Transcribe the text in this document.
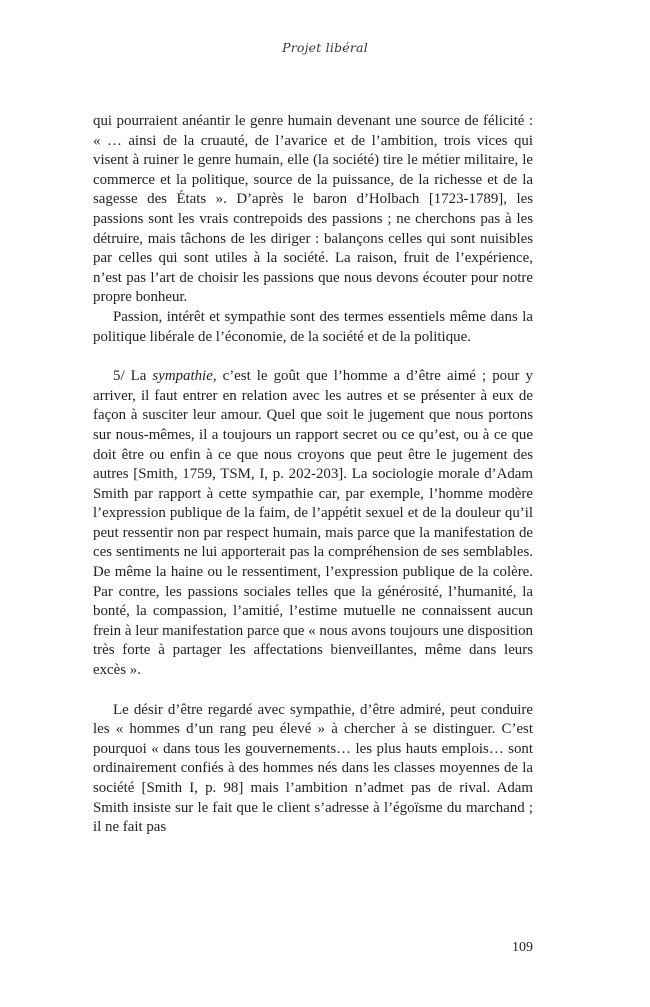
Projet libéral

qui pourraient anéantir le genre humain devenant une source de félicité : « … ainsi de la cruauté, de l’avarice et de l’ambition, trois vices qui visent à ruiner le genre humain, elle (la société) tire le métier militaire, le commerce et la politique, source de la puissance, de la richesse et de la sagesse des États ». D’après le baron d’Holbach [1723-1789], les passions sont les vrais contrepoids des passions ; ne cherchons pas à les détruire, mais tâchons de les diriger : balançons celles qui sont nuisibles par celles qui sont utiles à la société. La raison, fruit de l’expérience, n’est pas l’art de choisir les passions que nous devons écouter pour notre propre bonheur.

Passion, intérêt et sympathie sont des termes essentiels même dans la politique libérale de l’économie, de la société et de la politique.

5/ La sympathie, c’est le goût que l’homme a d’être aimé ; pour y arriver, il faut entrer en relation avec les autres et se présenter à eux de façon à susciter leur amour. Quel que soit le jugement que nous portons sur nous-mêmes, il a toujours un rapport secret ou ce qu’est, ou à ce que doit être ou enfin à ce que nous croyons que peut être le jugement des autres [Smith, 1759, TSM, I, p. 202-203]. La sociologie morale d’Adam Smith par rapport à cette sympathie car, par exemple, l’homme modère l’expression publique de la faim, de l’appétit sexuel et de la douleur qu’il peut ressentir non par respect humain, mais parce que la manifestation de ces sentiments ne lui apporterait pas la compréhension de ses semblables. De même la haine ou le ressentiment, l’expression publique de la colère. Par contre, les passions sociales telles que la générosité, l’humanité, la bonté, la compassion, l’amitié, l’estime mutuelle ne connaissent aucun frein à leur manifestation parce que « nous avons toujours une disposition très forte à partager les affectations bienveillantes, même dans leurs excès ».

Le désir d’être regardé avec sympathie, d’être admiré, peut conduire les « hommes d’un rang peu élevé » à chercher à se distinguer. C’est pourquoi « dans tous les gouvernements… les plus hauts emplois… sont ordinairement confiés à des hommes nés dans les classes moyennes de la société [Smith I, p. 98] mais l’ambition n’admet pas de rival. Adam Smith insiste sur le fait que le client s’adresse à l’égoïsme du marchand ; il ne fait pas

109
